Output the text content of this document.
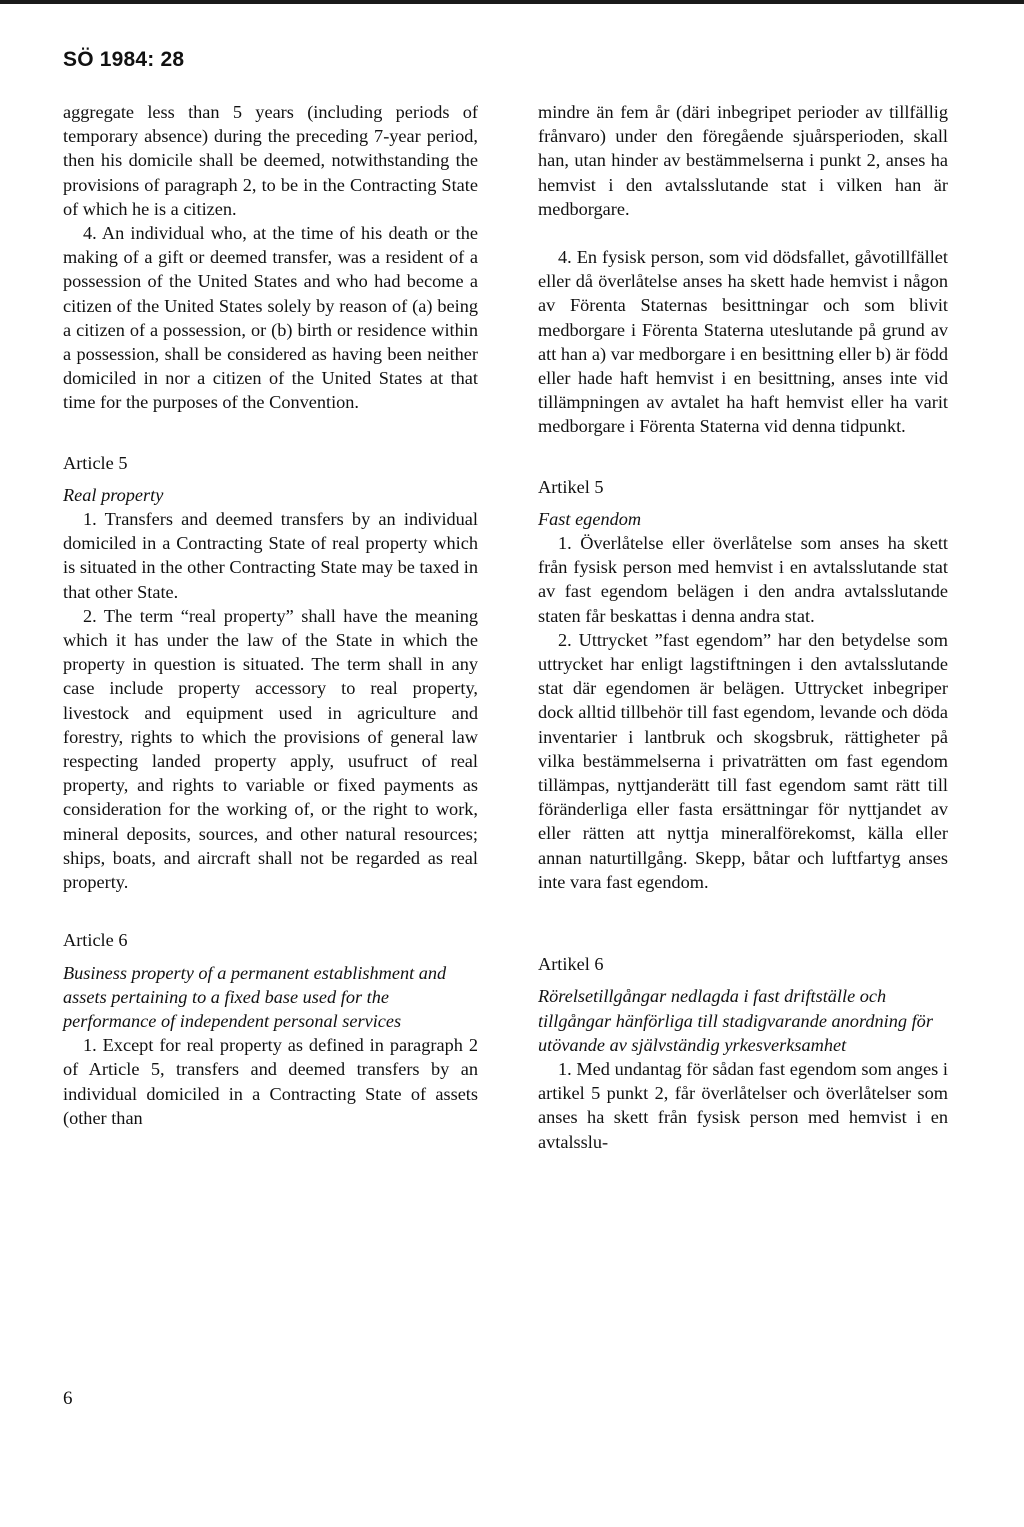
SÖ 1984: 28

aggregate less than 5 years (including periods of temporary absence) during the preceding 7-year period, then his domicile shall be deemed, notwithstanding the provisions of paragraph 2, to be in the Contracting State of which he is a citizen.

4. An individual who, at the time of his death or the making of a gift or deemed transfer, was a resident of a possession of the United States and who had become a citizen of the United States solely by reason of (a) being a citizen of a possession, or (b) birth or residence within a possession, shall be considered as having been neither domiciled in nor a citizen of the United States at that time for the purposes of the Convention.

Article 5

Real property

1. Transfers and deemed transfers by an individual domiciled in a Contracting State of real property which is situated in the other Contracting State may be taxed in that other State.

2. The term “real property” shall have the meaning which it has under the law of the State in which the property in question is situated. The term shall in any case include property accessory to real property, livestock and equipment used in agriculture and forestry, rights to which the provisions of general law respecting landed property apply, usufruct of real property, and rights to variable or fixed payments as consideration for the working of, or the right to work, mineral deposits, sources, and other natural resources; ships, boats, and aircraft shall not be regarded as real property.

Article 6

Business property of a permanent establishment and assets pertaining to a fixed base used for the performance of independent personal services

1. Except for real property as defined in paragraph 2 of Article 5, transfers and deemed transfers by an individual domiciled in a Contracting State of assets (other than

mindre än fem år (däri inbegripet perioder av tillfällig frånvaro) under den föregående sjuårsperioden, skall han, utan hinder av bestämmelserna i punkt 2, anses ha hemvist i den avtalsslutande stat i vilken han är medborgare.

4. En fysisk person, som vid dödsfallet, gåvotillfället eller då överlåtelse anses ha skett hade hemvist i någon av Förenta Staternas besittningar och som blivit medborgare i Förenta Staterna uteslutande på grund av att han a) var medborgare i en besittning eller b) är född eller hade haft hemvist i en besittning, anses inte vid tillämpningen av avtalet ha haft hemvist eller ha varit medborgare i Förenta Staterna vid denna tidpunkt.

Artikel 5

Fast egendom

1. Överlåtelse eller överlåtelse som anses ha skett från fysisk person med hemvist i en avtalsslutande stat av fast egendom belägen i den andra avtalsslutande staten får beskattas i denna andra stat.

2. Uttrycket ”fast egendom” har den betydelse som uttrycket har enligt lagstiftningen i den avtalsslutande stat där egendomen är belägen. Uttrycket inbegriper dock alltid tillbehör till fast egendom, levande och döda inventarier i lantbruk och skogsbruk, rättigheter på vilka bestämmelserna i privaträtten om fast egendom tillämpas, nyttjanderätt till fast egendom samt rätt till föränderliga eller fasta ersättningar för nyttjandet av eller rätten att nyttja mineralförekomst, källa eller annan naturtillgång. Skepp, båtar och luftfartyg anses inte vara fast egendom.

Artikel 6

Rörelsetillgångar nedlagda i fast driftställe och tillgångar hänförliga till stadigvarande anordning för utövande av självständig yrkesverksamhet

1. Med undantag för sådan fast egendom som anges i artikel 5 punkt 2, får överlåtelser och överlåtelser som anses ha skett från fysisk person med hemvist i en avtalsslu-

6
